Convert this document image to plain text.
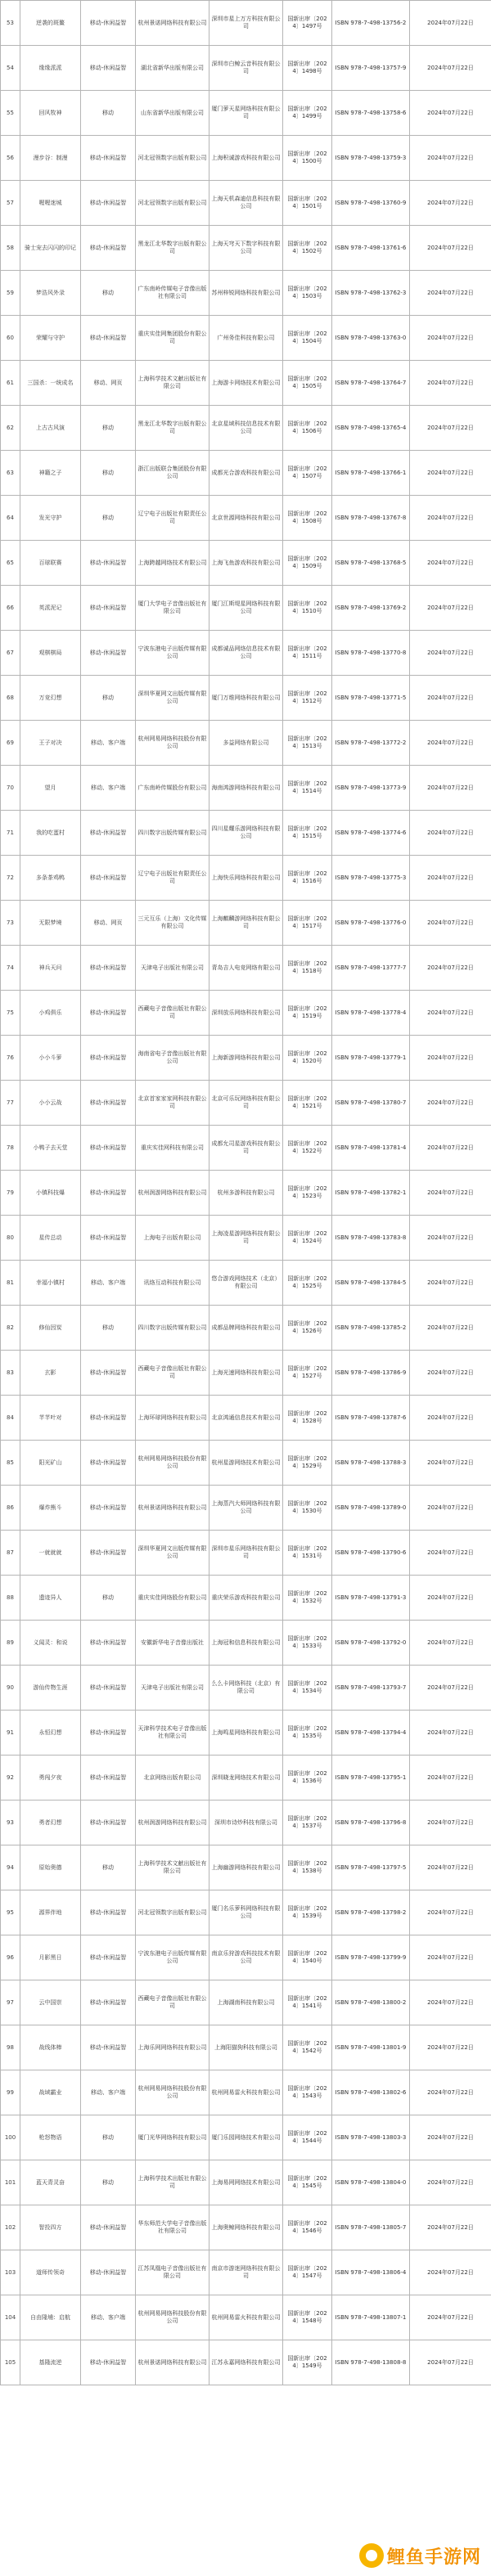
53	逆袭的斑鳌	移动-休闲益智	杭州景诺网络科技有限公司	深圳市星上万方科技有限公司	国新出审〔2024〕1497号	ISBN 978-7-498-13756-2	2024年07月22日
54	缘缘派派	移动-休闲益智	湖北省新华出版有限公司	深圳市白鲸云音科技有限公司	国新出审〔2024〕1498号	ISBN 978-7-498-13757-9	2024年07月22日
55	回风牧神	移动	山东省新华出版有限公司	厦门萝天星网络科技有限公司	国新出审〔2024〕1499号	ISBN 978-7-498-13758-6	2024年07月22日
56	漫步谷：制漫	移动-休闲益智	河北冠领数字出版有限公司	上海积诚游戏科技有限公司	国新出审〔2024〕1500号	ISBN 978-7-498-13759-3	2024年07月22日
57	喔喔迷城	移动-休闲益智	河北冠领数字出版有限公司	上海天机森迪信息科技有限公司	国新出审〔2024〕1501号	ISBN 978-7-498-13760-9	2024年07月22日
58	骑士宠去闪闪的印记	移动-休闲益智	黑龙江北华数字出版有限公司	上海天穹天下数字科技有限公司	国新出审〔2024〕1502号	ISBN 978-7-498-13761-6	2024年07月22日
59	梦浩风外录	移动	广东南岭传媒电子音像出版社有限公司	苏州梓锐网络科技有限公司	国新出审〔2024〕1503号	ISBN 978-7-498-13762-3	2024年07月22日
60	荣耀与守护	移动-休闲益智	重庆实佳网集团股份有限公司	广州务佳科技有限公司	国新出审〔2024〕1504号	ISBN 978-7-498-13763-0	2024年07月22日
61	三国杀：一统成名	移动、网页	上海科学技术文献出版社有限公司	上海游卡网络技术有限公司	国新出审〔2024〕1505号	ISBN 978-7-498-13764-7	2024年07月22日
62	上古古风演	移动	黑龙江北华数字出版有限公司	北京星域科技信息技术有限公司	国新出审〔2024〕1506号	ISBN 978-7-498-13765-4	2024年07月22日
63	神籍之子	移动	浙江出版联合集团股份有限公司	成都光合游戏科技有限公司	国新出审〔2024〕1507号	ISBN 978-7-498-13766-1	2024年07月22日
64	发光守护	移动	辽宁电子出版社有限责任公司	北京世源网络科技有限公司	国新出审〔2024〕1508号	ISBN 978-7-498-13767-8	2024年07月22日
65	百球联赛	移动-休闲益智	上海跨越网络技术有限公司	上海飞鱼游戏科技有限公司	国新出审〔2024〕1509号	ISBN 978-7-498-13768-5	2024年07月22日
66	英派泥记	移动-休闲益智	厦门大学电子音像出版社有限公司	厦门江斯堤星网络科技有限公司	国新出审〔2024〕1510号	ISBN 978-7-498-13769-2	2024年07月22日
67	观棋棋局	移动-休闲益智	宁波东港电子出版传媒有限公司	成都诚品网络信息技术有限公司	国新出审〔2024〕1511号	ISBN 978-7-498-13770-8	2024年07月22日
68	万竞幻想	移动	深圳华夏网文出版传媒有限公司	厦门万维网络科技有限公司	国新出审〔2024〕1512号	ISBN 978-7-498-13771-5	2024年07月22日
69	王子对决	移动、客户端	杭州网易网络科技股份有限公司	多益网络有限公司	国新出审〔2024〕1513号	ISBN 978-7-498-13772-2	2024年07月22日
70	望月	移动、客户端	广东南岭传媒股份有限公司	海南鸿游网络科技有限公司	国新出审〔2024〕1514号	ISBN 978-7-498-13773-9	2024年07月22日
71	我的吃蛋村	移动-休闲益智	四川数字出版传媒有限公司	四川星耀乐游网络科技有限公司	国新出审〔2024〕1515号	ISBN 978-7-498-13774-6	2024年07月22日
72	多条茶鸡鸭	移动-休闲益智	辽宁电子出版社有限责任公司	上海快乐网络科技有限公司	国新出审〔2024〕1516号	ISBN 978-7-498-13775-3	2024年07月22日
73	无限梦境	移动、网页	三元互乐（上海）文化传媒有限公司	上海麒麟游网络科技有限公司	国新出审〔2024〕1517号	ISBN 978-7-498-13776-0	2024年07月22日
74	神兵天问	移动-休闲益智	天津电子出版社有限公司	青岛吉人电竞网络有限公司	国新出审〔2024〕1518号	ISBN 978-7-498-13777-7	2024年07月22日
75	小鸡俱乐	移动-休闲益智	西藏电子音像出版社有限公司	深圳放乐网络科技有限公司	国新出审〔2024〕1519号	ISBN 978-7-498-13778-4	2024年07月22日
76	小小斗萝	移动-休闲益智	海南省电子音像出版社有限公司	上海新游网络科技有限公司	国新出审〔2024〕1520号	ISBN 978-7-498-13779-1	2024年07月22日
77	小小云战	移动-休闲益智	北京首家家家网科技有限公司	北京可乐玩网络科技有限公司	国新出审〔2024〕1521号	ISBN 978-7-498-13780-7	2024年07月22日
78	小鸭子去天堂	移动-休闲益智	重庆实佳网科技有限公司	成都允司星游戏科技有限公司	国新出审〔2024〕1522号	ISBN 978-7-498-13781-4	2024年07月22日
79	小镇科技爆	移动-休闲益智	杭州润游网络科技有限公司	杭州多游科技有限公司	国新出审〔2024〕1523号	ISBN 978-7-498-13782-1	2024年07月22日
80	星传总动	移动-休闲益智	上海电子出版有限公司	上海凌星游网络科技有限公司	国新出审〔2024〕1524号	ISBN 978-7-498-13783-8	2024年07月22日
81	幸福小镇村	移动、客户端	讯络互动科技有限公司	悠合游戏网络技术（北京）有限公司	国新出审〔2024〕1525号	ISBN 978-7-498-13784-5	2024年07月22日
82	修仙因炭	移动	四川数字出版传媒有限公司	成都品牌网络科技有限公司	国新出审〔2024〕1526号	ISBN 978-7-498-13785-2	2024年07月22日
83	玄影	移动-休闲益智	西藏电子音像出版社有限公司	上海光速网络科技有限公司	国新出审〔2024〕1527号	ISBN 978-7-498-13786-9	2024年07月22日
84	芊芊叶对	移动-休闲益智	上海环球网络科技有限公司	北京鸿通信息技术有限公司	国新出审〔2024〕1528号	ISBN 978-7-498-13787-6	2024年07月22日
85	阳光矿山	移动-休闲益智	杭州网易网络科技股份有限公司	杭州星游网络技术有限公司	国新出审〔2024〕1529号	ISBN 978-7-498-13788-3	2024年07月22日
86	爆炸熊斗	移动-休闲益智	杭州景诺网络科技有限公司	上海蒸汽大师网络科技有限公司	国新出审〔2024〕1530号	ISBN 978-7-498-13789-0	2024年07月22日
87	一就就就	移动-休闲益智	深圳华夏网文出版传媒有限公司	深圳市星乐网络科技有限公司	国新出审〔2024〕1531号	ISBN 978-7-498-13790-6	2024年07月22日
88	遗迹异人	移动	重庆实佳网络股份有限公司	重庆荣乐游戏科技有限公司	国新出审〔2024〕1532号	ISBN 978-7-498-13791-3	2024年07月22日
89	义闻灵：和说	移动-休闲益智	安徽新华电子音像出版社	上海冠和信息科技有限公司	国新出审〔2024〕1533号	ISBN 978-7-498-13792-0	2024年07月22日
90	游仙传物生涯	移动-休闲益智	天津电子出版社有限公司	么么卡网络科技（北京）有限公司	国新出审〔2024〕1534号	ISBN 978-7-498-13793-7	2024年07月22日
91	永恒幻想	移动-休闲益智	天津科学技术电子音像出版社有限公司	上海鸣星网络科技有限公司	国新出审〔2024〕1535号	ISBN 978-7-498-13794-4	2024年07月22日
92	勇闯夕夜	移动-休闲益智	北京网络出版有限公司	深圳晓龙网络技术有限公司	国新出审〔2024〕1536号	ISBN 978-7-498-13795-1	2024年07月22日
93	勇者幻想	移动-休闲益智	杭州润游网络科技有限公司	深圳市诗炒科技有限公司	国新出审〔2024〕1537号	ISBN 978-7-498-13796-8	2024年07月22日
94	原始奥德	移动	上海科学技术文献出版社有限公司	上海幽游网络科技有限公司	国新出审〔2024〕1538号	ISBN 978-7-498-13797-5	2024年07月22日
95	源界伴地	移动-休闲益智	河北冠领数字出版有限公司	厦门名乐萝科网络科技有限公司	国新出审〔2024〕1539号	ISBN 978-7-498-13798-2	2024年07月22日
96	月影黑日	移动-休闲益智	宁波东港电子出版传媒有限公司	南京乐狩游戏科技技术有限公司	国新出审〔2024〕1540号	ISBN 978-7-498-13799-9	2024年07月22日
97	云中国崇	移动-休闲益智	西藏电子音像出版社有限公司	上海湖南科技有限公司	国新出审〔2024〕1541号	ISBN 978-7-498-13800-2	2024年07月22日
98	战线体棒	移动-休闲益智	上海乐网网络科技有限公司	上海阳猫狗科技有限公司	国新出审〔2024〕1542号	ISBN 978-7-498-13801-9	2024年07月22日
99	战域霸业	移动、客户端	杭州网易网络科技股份有限公司	杭州网易雷火科技有限公司	国新出审〔2024〕1543号	ISBN 978-7-498-13802-6	2024年07月22日
100	枪怒物语	移动	厦门光华网络科技有限公司	厦门乐园网络技术有限公司	国新出审〔2024〕1544号	ISBN 978-7-498-13803-3	2024年07月22日
101	蓝天青灵奋	移动	上海科学技术出版社有限公司	上海易网网络技术有限公司	国新出审〔2024〕1545号	ISBN 978-7-498-13804-0	2024年07月22日
102	智投四方	移动-休闲益智	华东师范大学电子音像出版社有限公司	上海奥鲸网络科技有限公司	国新出审〔2024〕1546号	ISBN 978-7-498-13805-7	2024年07月22日
103	道师传领奇	移动-休闲益智	江苏凤凰电子音像出版社有限公司	南京市游迷网络科技有限公司	国新出审〔2024〕1547号	ISBN 978-7-498-13806-4	2024年07月22日
104	自由隆埔：启航	移动、客户端	杭州网易网络科技股份有限公司	杭州网易雷火科技有限公司	国新出审〔2024〕1548号	ISBN 978-7-498-13807-1	2024年07月22日
105	基隆流逆	移动-休闲益智	杭州景诺网络科技有限公司	江苏永嘉网络科技有限公司	国新出审〔2024〕1549号	ISBN 978-7-498-13808-8	2024年07月22日
鲤鱼手游网
